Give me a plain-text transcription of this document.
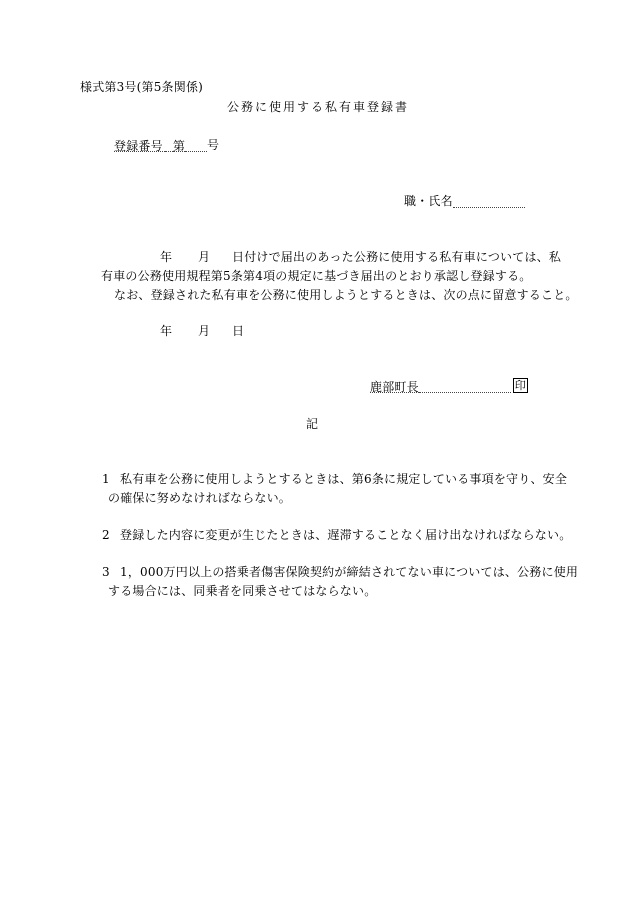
様式第3号(第5条関係)
公務に使用する私有車登録書
登録番号 第 号
職・氏名
年 月 日付けで届出のあった公務に使用する私有車については、私
有車の公務使用規程第5条第4項の規定に基づき届出のとおり承認し登録する。
なお、登録された私有車を公務に使用しようとするときは、次の点に留意すること。
年 月 日
鹿部町長	印
記
1 私有車を公務に使用しようとするときは、第6条に規定している事項を守り、安全
の確保に努めなければならない。
2 登録した内容に変更が生じたときは、遅滞することなく届け出なければならない。
3 1，000万円以上の搭乗者傷害保険契約が締結されてない車については、公務に使用
する場合には、同乗者を同乗させてはならない。
